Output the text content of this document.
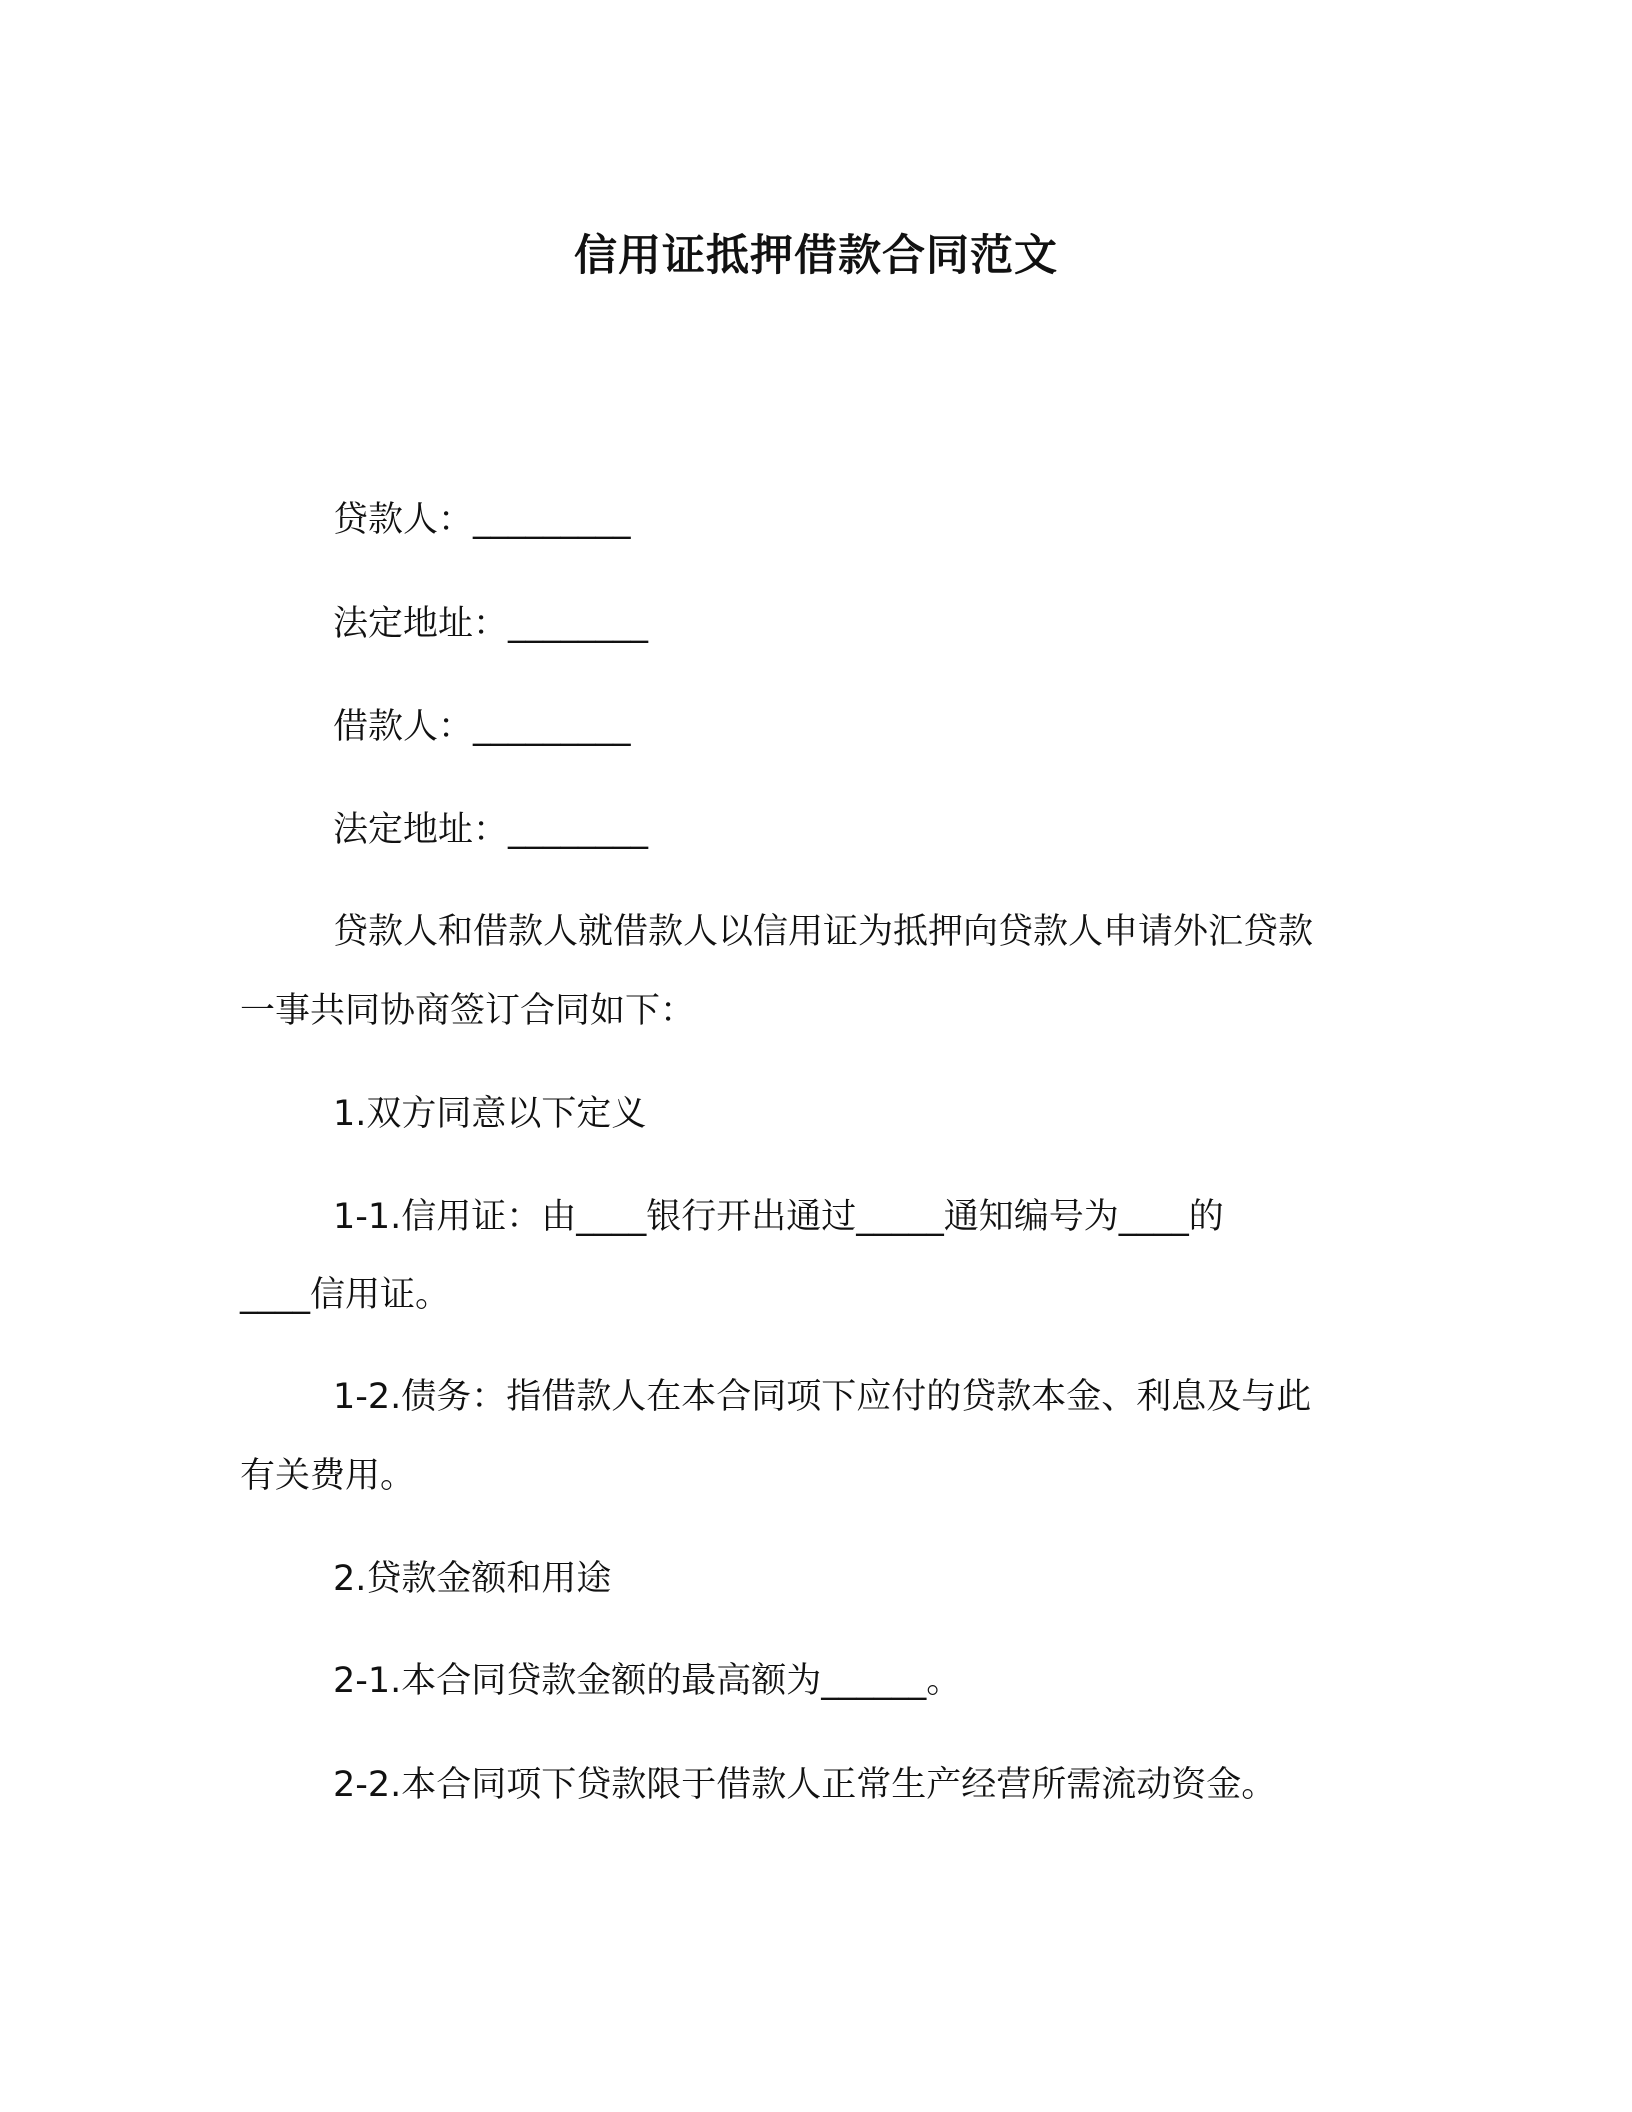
信用证抵押借款合同范文
贷款人：_________
法定地址：________
借款人：_________
法定地址：________
贷款人和借款人就借款人以信用证为抵押向贷款人申请外汇贷款
一事共同协商签订合同如下：
1.双方同意以下定义
1-1.信用证：由____银行开出通过_____通知编号为____的
____信用证。
1-2.债务：指借款人在本合同项下应付的贷款本金、利息及与此
有关费用。
2.贷款金额和用途
2-1.本合同贷款金额的最高额为______。
2-2.本合同项下贷款限于借款人正常生产经营所需流动资金。
